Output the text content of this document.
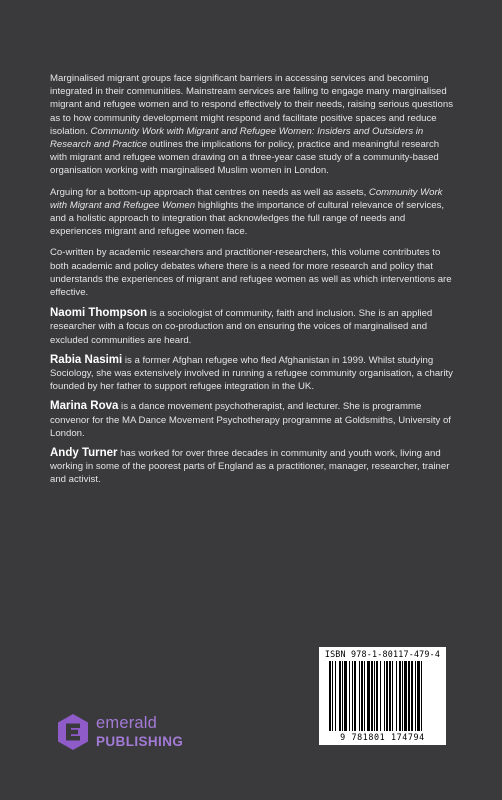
Marginalised migrant groups face significant barriers in accessing services and becoming integrated in their communities. Mainstream services are failing to engage many marginalised migrant and refugee women and to respond effectively to their needs, raising serious questions as to how community development might respond and facilitate positive spaces and reduce isolation. Community Work with Migrant and Refugee Women: Insiders and Outsiders in Research and Practice outlines the implications for policy, practice and meaningful research with migrant and refugee women drawing on a three-year case study of a community-based organisation working with marginalised Muslim women in London.

Arguing for a bottom-up approach that centres on needs as well as assets, Community Work with Migrant and Refugee Women highlights the importance of cultural relevance of services, and a holistic approach to integration that acknowledges the full range of needs and experiences migrant and refugee women face.

Co-written by academic researchers and practitioner-researchers, this volume contributes to both academic and policy debates where there is a need for more research and policy that understands the experiences of migrant and refugee women as well as which interventions are effective.

Naomi Thompson is a sociologist of community, faith and inclusion. She is an applied researcher with a focus on co-production and on ensuring the voices of marginalised and excluded communities are heard.

Rabia Nasimi is a former Afghan refugee who fled Afghanistan in 1999. Whilst studying Sociology, she was extensively involved in running a refugee community organisation, a charity founded by her father to support refugee integration in the UK.

Marina Rova is a dance movement psychotherapist, and lecturer. She is programme convenor for the MA Dance Movement Psychotherapy programme at Goldsmiths, University of London.

Andy Turner has worked for over three decades in community and youth work, living and working in some of the poorest parts of England as a practitioner, manager, researcher, trainer and activist.

ISBN 978-1-80117-479-4
9 781801 174794
emerald
PUBLISHING
